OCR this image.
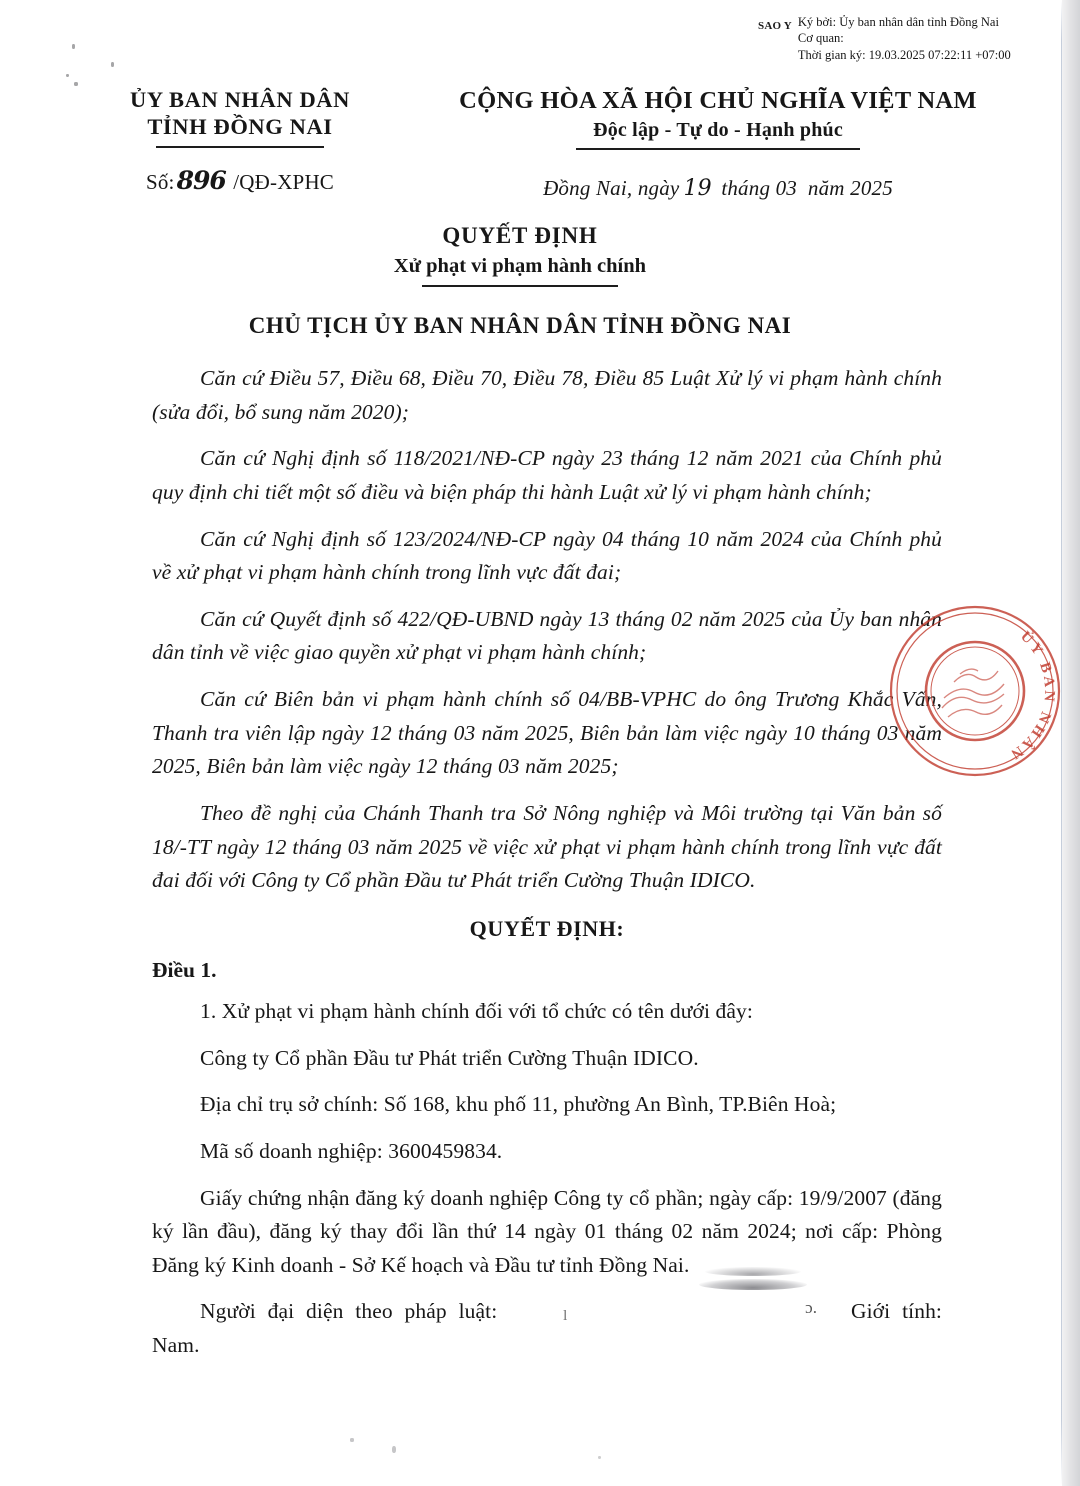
SAO Y Ký bởi: Ủy ban nhân dân tỉnh Đồng Nai
Cơ quan:
Thời gian ký: 19.03.2025 07:22:11 +07:00
ỦY BAN NHÂN DÂN
TỈNH ĐỒNG NAI
Số:896 /QĐ-XPHC
CỘNG HÒA XÃ HỘI CHỦ NGHĨA VIỆT NAM
Độc lập - Tự do - Hạnh phúc
Đồng Nai, ngày 19 tháng 03 năm 2025
QUYẾT ĐỊNH
Xử phạt vi phạm hành chính
CHỦ TỊCH ỦY BAN NHÂN DÂN TỈNH ĐỒNG NAI

Căn cứ Điều 57, Điều 68, Điều 70, Điều 78, Điều 85 Luật Xử lý vi phạm hành chính (sửa đổi, bổ sung năm 2020);

Căn cứ Nghị định số 118/2021/NĐ-CP ngày 23 tháng 12 năm 2021 của Chính phủ quy định chi tiết một số điều và biện pháp thi hành Luật xử lý vi phạm hành chính;

Căn cứ Nghị định số 123/2024/NĐ-CP ngày 04 tháng 10 năm 2024 của Chính phủ về xử phạt vi phạm hành chính trong lĩnh vực đất đai;

Căn cứ Quyết định số 422/QĐ-UBND ngày 13 tháng 02 năm 2025 của Ủy ban nhân dân tỉnh về việc giao quyền xử phạt vi phạm hành chính;

Căn cứ Biên bản vi phạm hành chính số 04/BB-VPHC do ông Trương Khắc Vấn, Thanh tra viên lập ngày 12 tháng 03 năm 2025, Biên bản làm việc ngày 10 tháng 03 năm 2025, Biên bản làm việc ngày 12 tháng 03 năm 2025;

Theo đề nghị của Chánh Thanh tra Sở Nông nghiệp và Môi trường tại Văn bản số 18/-TT ngày 12 tháng 03 năm 2025 về việc xử phạt vi phạm hành chính trong lĩnh vực đất đai đối với Công ty Cổ phần Đầu tư Phát triển Cường Thuận IDICO.

QUYẾT ĐỊNH:
Điều 1.

1. Xử phạt vi phạm hành chính đối với tổ chức có tên dưới đây:

Công ty Cổ phần Đầu tư Phát triển Cường Thuận IDICO.

Địa chỉ trụ sở chính: Số 168, khu phố 11, phường An Bình, TP.Biên Hoà;

Mã số doanh nghiệp: 3600459834.

Giấy chứng nhận đăng ký doanh nghiệp Công ty cổ phần; ngày cấp: 19/9/2007 (đăng ký lần đầu), đăng ký thay đổi lần thứ 14 ngày 01 tháng 02 năm 2024; nơi cấp: Phòng Đăng ký Kinh doanh - Sở Kế hoạch và Đầu tư tỉnh Đồng Nai.

Người đại diện theo pháp luật:	l	ɔ. Giới tính: Nam.

ỦY BAN NHÂN
